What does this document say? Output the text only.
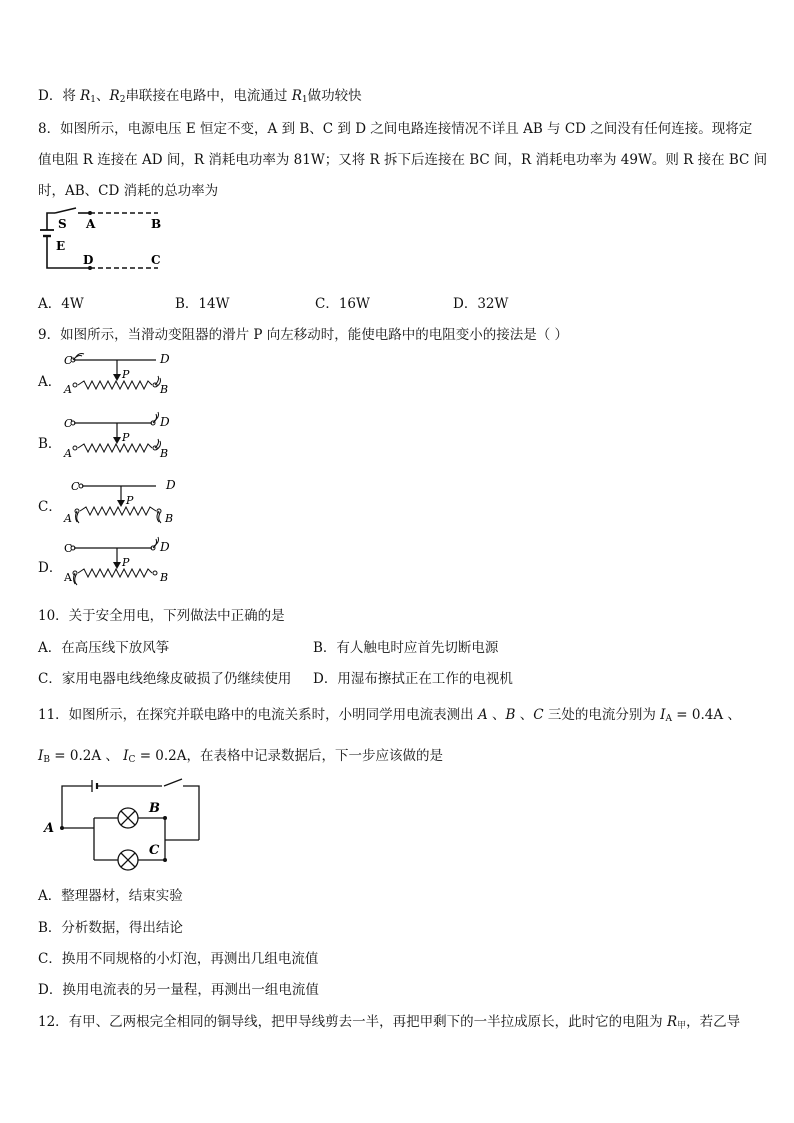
D．将 $R_1$、$R_2$串联接在电路中，电流通过 $R_1$做功较快
8．如图所示，电源电压 E 恒定不变，A 到 B、C 到 D 之间电路连接情况不详且 AB 与 CD 之间没有任何连接。现将定
值电阻 R 连接在 AD 间，R 消耗电功率为 81W；又将 R 拆下后连接在 BC 间，R 消耗电功率为 49W。则 R 接在 BC 间
时，AB、CD 消耗的总功率为
S A	B
E
D	C
A．4W	B．14W	C．16W	D．32W
9．如图所示，当滑动变阻器的滑片 P 向左移动时，能使电路中的电阻变小的接法是（ ）
A．
B．
C．
D．
C	D
A	B
P
C	D
A	B
P
C	D
A	B
P
C	D
A	B
P
10．关于安全用电，下列做法中正确的是
A．在高压线下放风筝	B．有人触电时应首先切断电源
C．家用电器电线绝缘皮破损了仍继续使用 D．用湿布擦拭正在工作的电视机
11．如图所示，在探究并联电路中的电流关系时，小明同学用电流表测出 A 、B 、C 三处的电流分别为 $I_A = 0.4A$ 、
$I_B = 0.2A$ 、 $I_C = 0.2A$，在表格中记录数据后，下一步应该做的是
A
B
C
A．整理器材，结束实验
B．分析数据，得出结论
C．换用不同规格的小灯泡，再测出几组电流值
D．换用电流表的另一量程，再测出一组电流值
12．有甲、乙两根完全相同的铜导线，把甲导线剪去一半，再把甲剩下的一半拉成原长，此时它的电阻为 $R_甲$，若乙导
